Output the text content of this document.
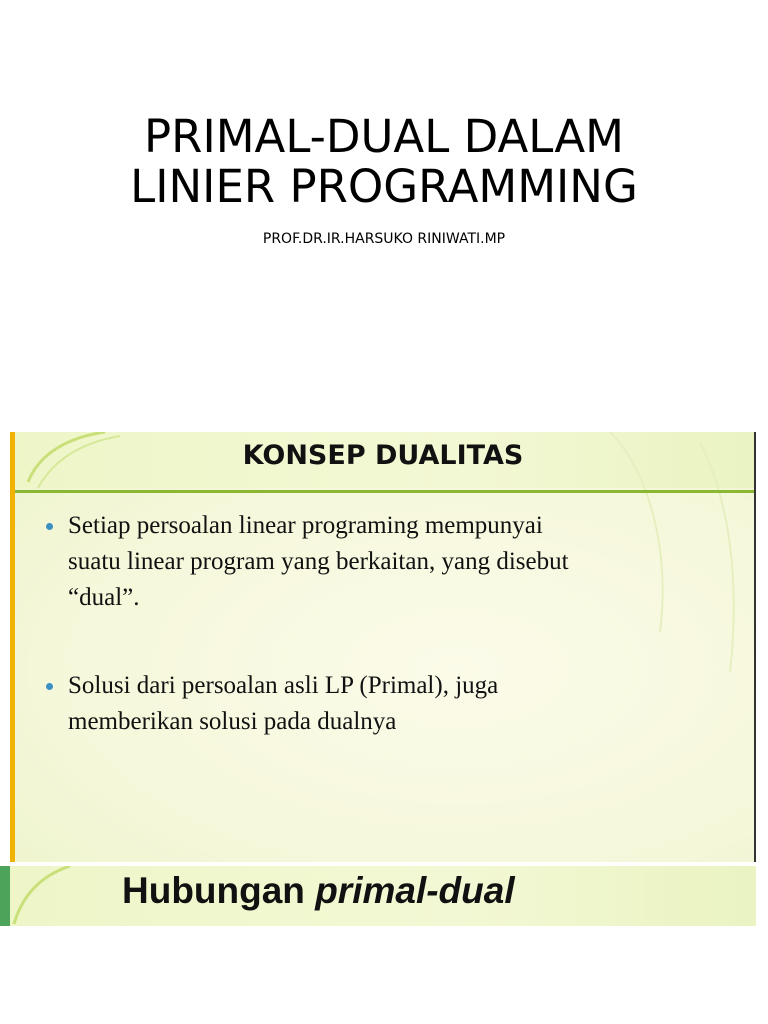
PRIMAL-DUAL DALAM
LINIER PROGRAMMING
PROF.DR.IR.HARSUKO RINIWATI.MP
KONSEP DUALITAS
Setiap persoalan linear programing mempunyai
suatu linear program yang berkaitan, yang disebut
“dual”.
Solusi dari persoalan asli LP (Primal), juga
memberikan solusi pada dualnya
Hubungan primal-dual
